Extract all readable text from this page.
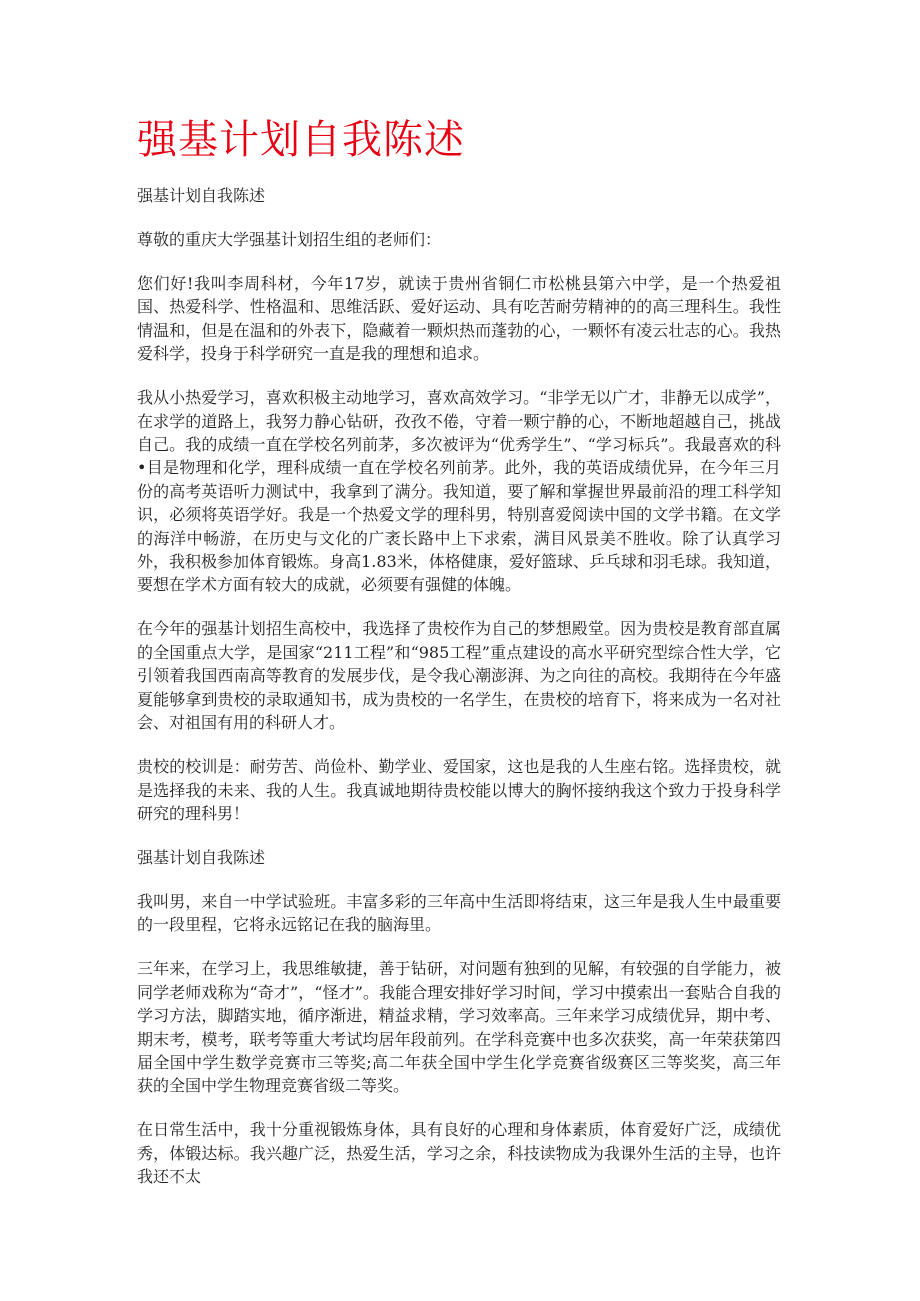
强基计划自我陈述

强基计划自我陈述

尊敬的重庆大学强基计划招生组的老师们：

您们好!我叫李周科材，今年17岁，就读于贵州省铜仁市松桃县第六中学，是一个热爱祖国、热爱科学、性格温和、思维活跃、爱好运动、具有吃苦耐劳精神的的高三理科生。我性情温和，但是在温和的外表下，隐藏着一颗炽热而蓬勃的心，一颗怀有凌云壮志的心。我热爱科学，投身于科学研究一直是我的理想和追求。

我从小热爱学习，喜欢积极主动地学习，喜欢高效学习。“非学无以广才，非静无以成学”，在求学的道路上，我努力静心钻研，孜孜不倦，守着一颗宁静的心，不断地超越自己，挑战自己。我的成绩一直在学校名列前茅，多次被评为“优秀学生”、“学习标兵”。我最喜欢的科•目是物理和化学，理科成绩一直在学校名列前茅。此外，我的英语成绩优异，在今年三月份的高考英语听力测试中，我拿到了满分。我知道，要了解和掌握世界最前沿的理工科学知识，必须将英语学好。我是一个热爱文学的理科男，特别喜爱阅读中国的文学书籍。在文学的海洋中畅游，在历史与文化的广袤长路中上下求索，满目风景美不胜收。除了认真学习外，我积极参加体育锻炼。身高1.83米，体格健康，爱好篮球、乒乓球和羽毛球。我知道，要想在学术方面有较大的成就，必须要有强健的体魄。

在今年的强基计划招生高校中，我选择了贵校作为自己的梦想殿堂。因为贵校是教育部直属的全国重点大学，是国家“211工程”和“985工程”重点建设的高水平研究型综合性大学，它引领着我国西南高等教育的发展步伐，是令我心潮澎湃、为之向往的高校。我期待在今年盛夏能够拿到贵校的录取通知书，成为贵校的一名学生，在贵校的培育下，将来成为一名对社会、对祖国有用的科研人才。

贵校的校训是：耐劳苦、尚俭朴、勤学业、爱国家，这也是我的人生座右铭。选择贵校，就是选择我的未来、我的人生。我真诚地期待贵校能以博大的胸怀接纳我这个致力于投身科学研究的理科男！

强基计划自我陈述

我叫男，来自一中学试验班。丰富多彩的三年高中生活即将结束，这三年是我人生中最重要的一段里程，它将永远铭记在我的脑海里。

三年来，在学习上，我思维敏捷，善于钻研，对问题有独到的见解，有较强的自学能力，被同学老师戏称为“奇才”，“怪才”。我能合理安排好学习时间，学习中摸索出一套贴合自我的学习方法，脚踏实地，循序渐进，精益求精，学习效率高。三年来学习成绩优异，期中考、期末考，模考，联考等重大考试均居年段前列。在学科竞赛中也多次获奖，高一年荣获第四届全国中学生数学竞赛市三等奖;高二年获全国中学生化学竞赛省级赛区三等奖奖，高三年获的全国中学生物理竞赛省级二等奖。

在日常生活中，我十分重视锻炼身体，具有良好的心理和身体素质，体育爱好广泛，成绩优秀，体锻达标。我兴趣广泛，热爱生活，学习之余，科技读物成为我课外生活的主导，也许我还不太
